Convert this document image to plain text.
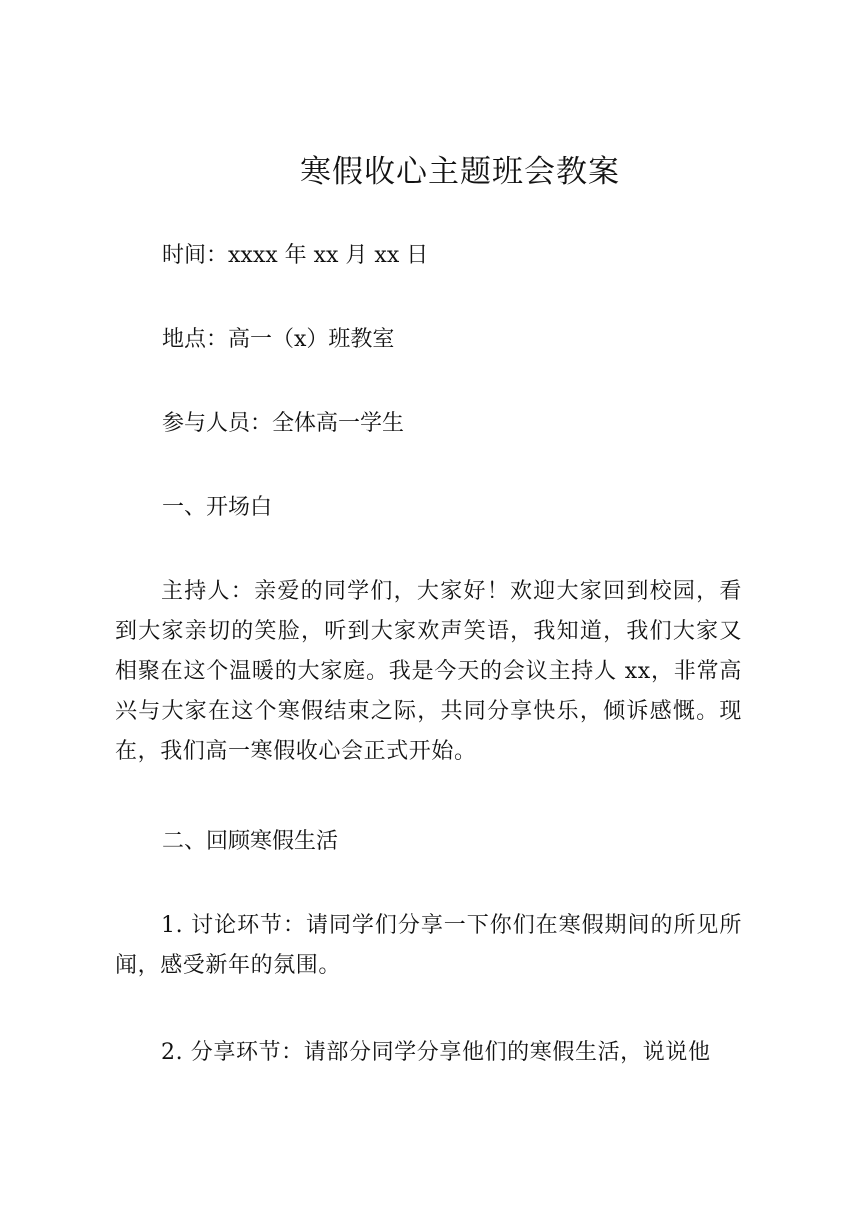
寒假收心主题班会教案

时间：xxxx 年 xx 月 xx 日

地点：高一（x）班教室

参与人员：全体高一学生

一、开场白

主持人：亲爱的同学们，大家好！欢迎大家回到校园，看到大家亲切的笑脸，听到大家欢声笑语，我知道，我们大家又相聚在这个温暖的大家庭。我是今天的会议主持人 xx，非常高兴与大家在这个寒假结束之际，共同分享快乐，倾诉感慨。现在，我们高一寒假收心会正式开始。

二、回顾寒假生活

1. 讨论环节：请同学们分享一下你们在寒假期间的所见所闻，感受新年的氛围。

2. 分享环节：请部分同学分享他们的寒假生活，说说他
